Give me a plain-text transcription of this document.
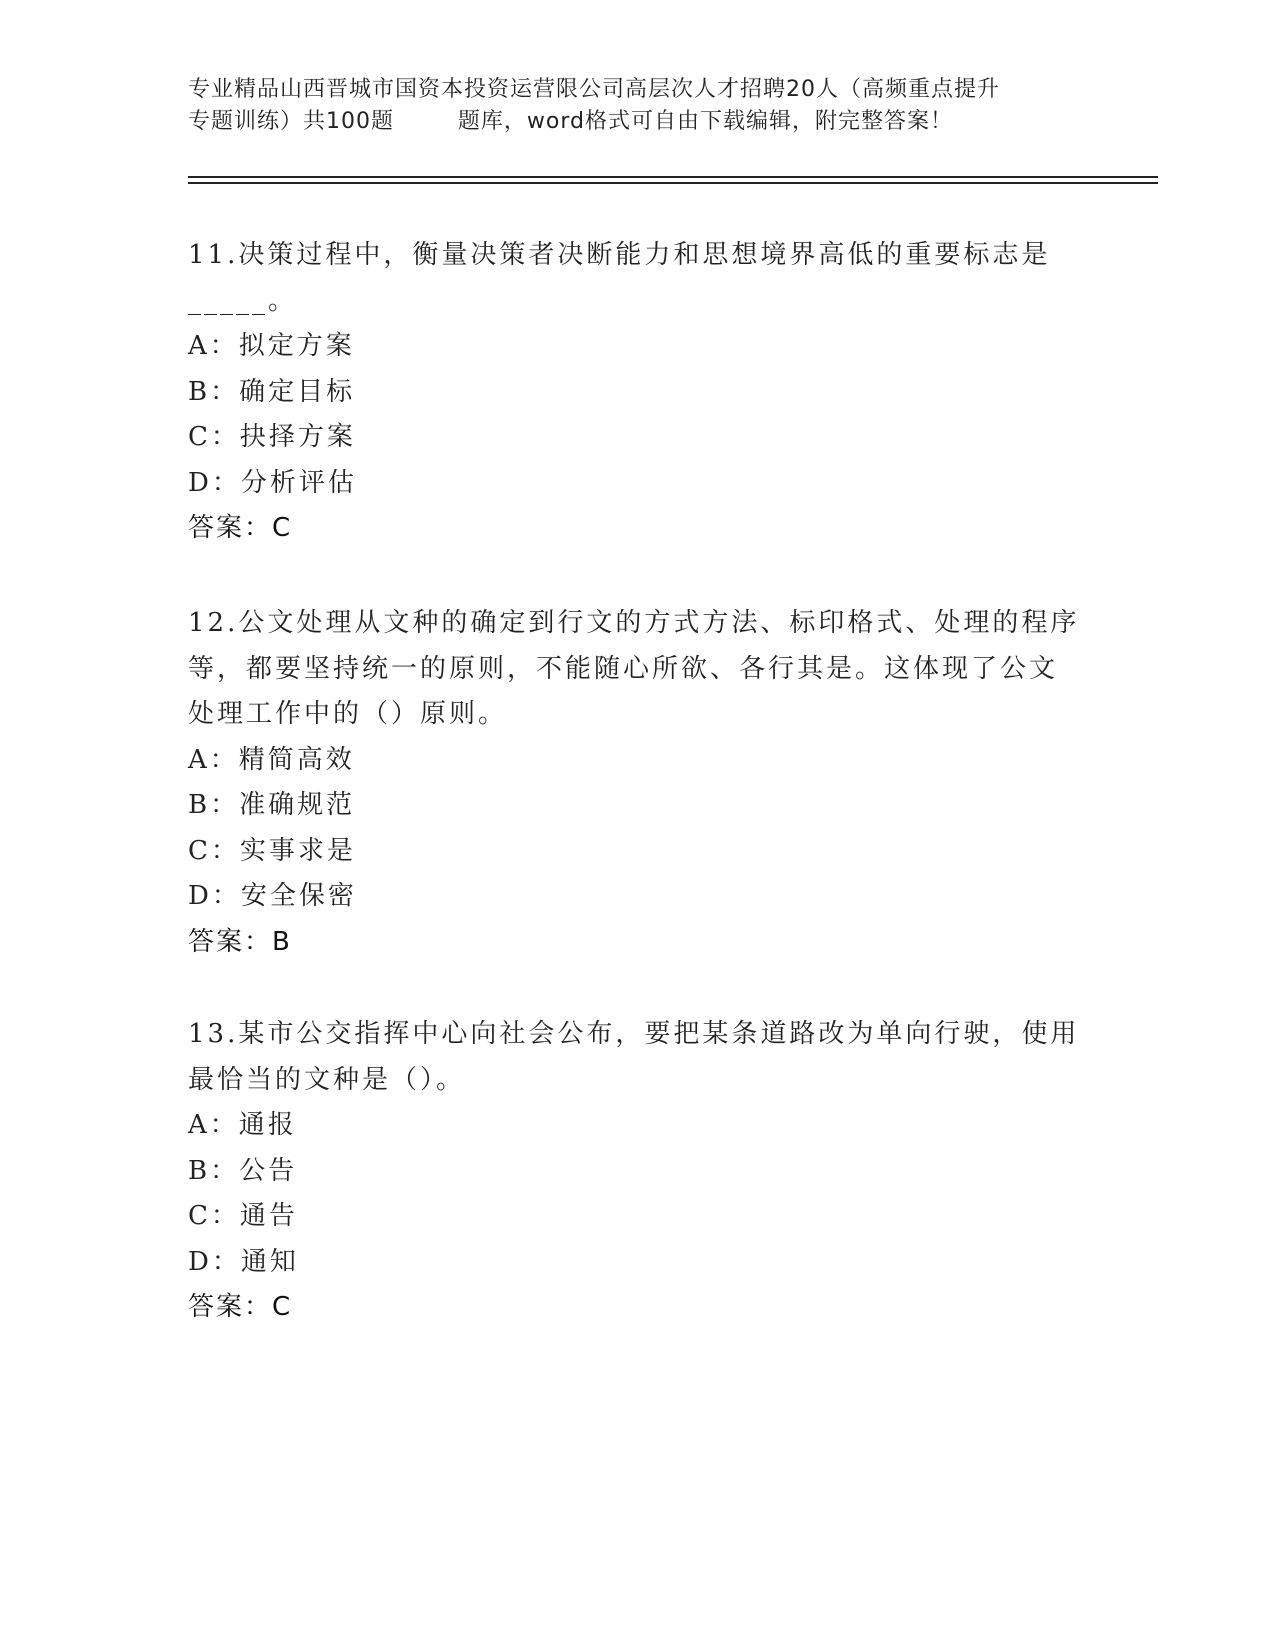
专业精品山西晋城市国资本投资运营限公司高层次人才招聘20人（高频重点提升
专题训练）共100题        题库，word格式可自由下载编辑，附完整答案！
11.决策过程中，衡量决策者决断能力和思想境界高低的重要标志是
_____。
A：拟定方案
B：确定目标
C：抉择方案
D：分析评估
答案：C
12.公文处理从文种的确定到行文的方式方法、标印格式、处理的程序
等，都要坚持统一的原则，不能随心所欲、各行其是。这体现了公文
处理工作中的（）原则。
A：精简高效
B：准确规范
C：实事求是
D：安全保密
答案：B
13.某市公交指挥中心向社会公布，要把某条道路改为单向行驶，使用
最恰当的文种是（）。
A：通报
B：公告
C：通告
D：通知
答案：C
